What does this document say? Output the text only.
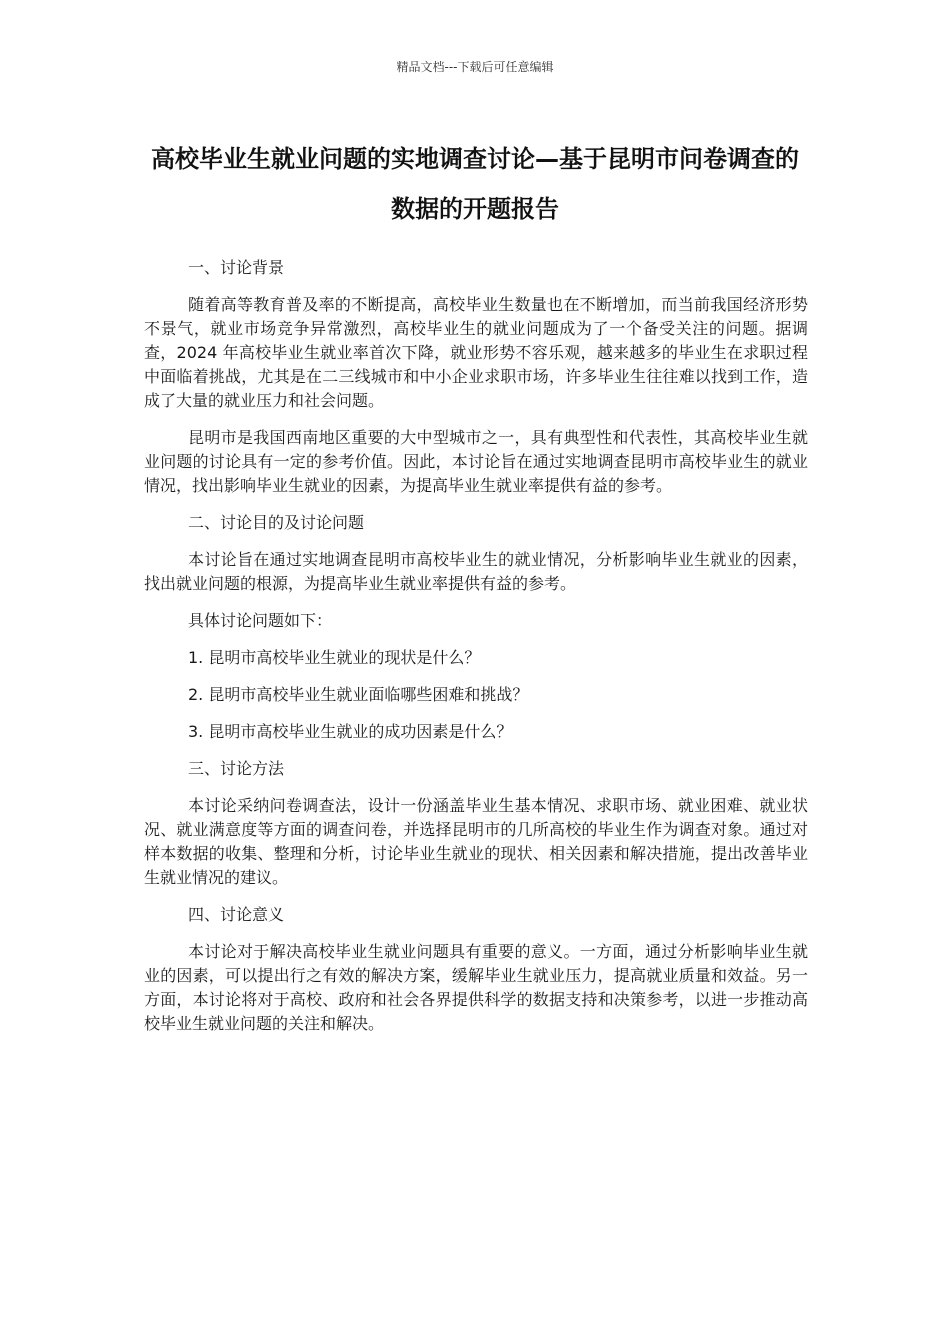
精品文档---下载后可任意编辑
高校毕业生就业问题的实地调查讨论—基于昆明市问卷调查的数据的开题报告

一、讨论背景

随着高等教育普及率的不断提高，高校毕业生数量也在不断增加，而当前我国经济形势不景气，就业市场竞争异常激烈，高校毕业生的就业问题成为了一个备受关注的问题。据调查，2024 年高校毕业生就业率首次下降，就业形势不容乐观，越来越多的毕业生在求职过程中面临着挑战，尤其是在二三线城市和中小企业求职市场，许多毕业生往往难以找到工作，造成了大量的就业压力和社会问题。

昆明市是我国西南地区重要的大中型城市之一，具有典型性和代表性，其高校毕业生就业问题的讨论具有一定的参考价值。因此，本讨论旨在通过实地调查昆明市高校毕业生的就业情况，找出影响毕业生就业的因素，为提高毕业生就业率提供有益的参考。

二、讨论目的及讨论问题

本讨论旨在通过实地调查昆明市高校毕业生的就业情况，分析影响毕业生就业的因素，找出就业问题的根源，为提高毕业生就业率提供有益的参考。

具体讨论问题如下：

1. 昆明市高校毕业生就业的现状是什么？

2. 昆明市高校毕业生就业面临哪些困难和挑战？

3. 昆明市高校毕业生就业的成功因素是什么？

三、讨论方法

本讨论采纳问卷调查法，设计一份涵盖毕业生基本情况、求职市场、就业困难、就业状况、就业满意度等方面的调查问卷，并选择昆明市的几所高校的毕业生作为调查对象。通过对样本数据的收集、整理和分析，讨论毕业生就业的现状、相关因素和解决措施，提出改善毕业生就业情况的建议。

四、讨论意义

本讨论对于解决高校毕业生就业问题具有重要的意义。一方面，通过分析影响毕业生就业的因素，可以提出行之有效的解决方案，缓解毕业生就业压力，提高就业质量和效益。另一方面，本讨论将对于高校、政府和社会各界提供科学的数据支持和决策参考，以进一步推动高校毕业生就业问题的关注和解决。
